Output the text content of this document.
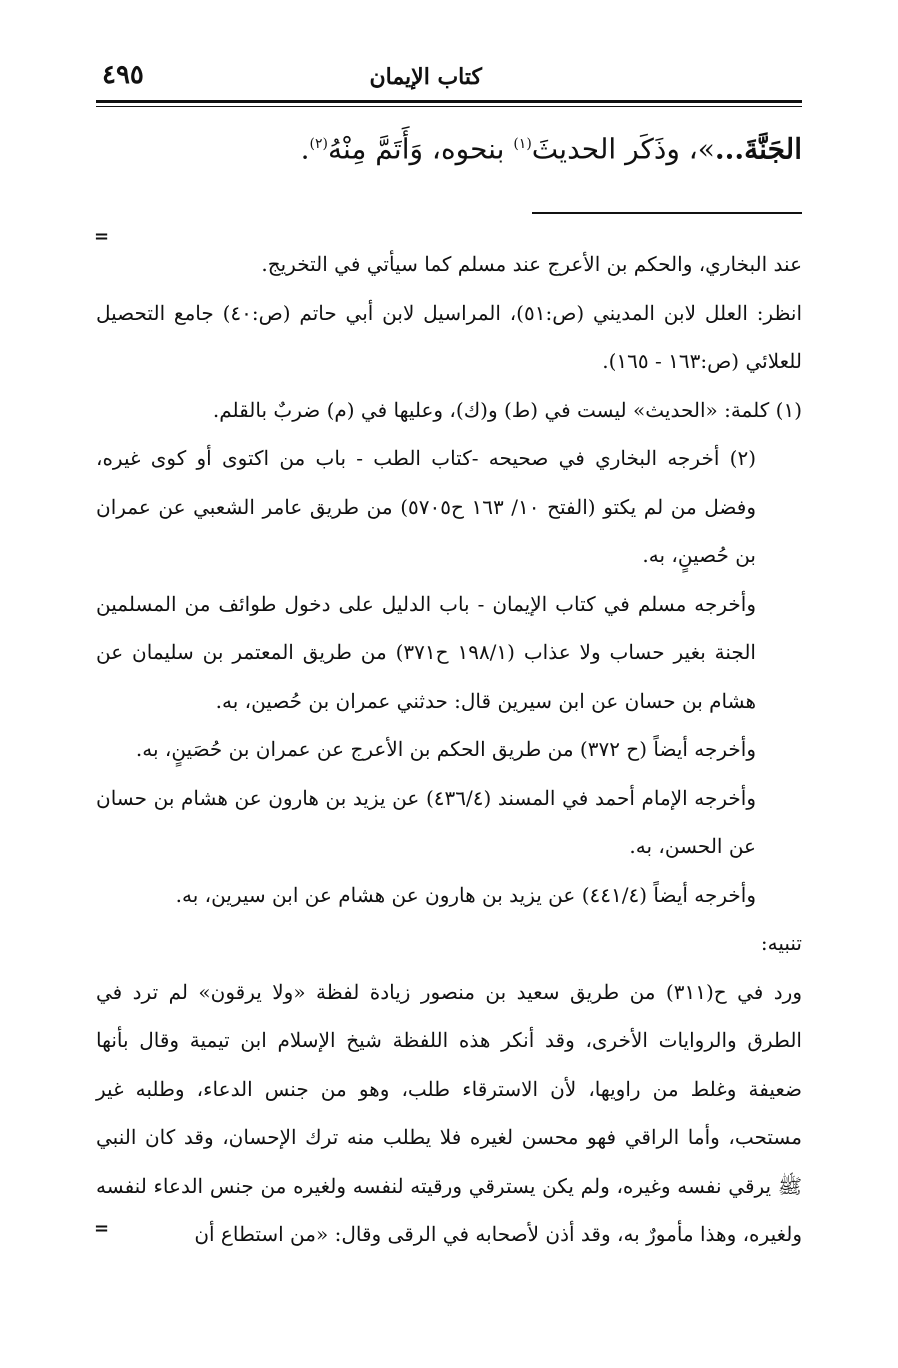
كتاب الإيمان
٤٩٥
الجَنَّةَ...»، وذَكَر الحديثَ$^{(١)}$ بنحوه، وَأَتَمَّ مِنْهُ$^{(٢)}$.
=

عند البخاري، والحكم بن الأعرج عند مسلم كما سيأتي في التخريج.

انظر: العلل لابن المديني (ص:٥١)، المراسيل لابن أبي حاتم (ص:٤٠) جامع التحصيل للعلائي (ص:١٦٣ - ١٦٥).

(١) كلمة: «الحديث» ليست في (ط) و(ك)، وعليها في (م) ضربٌ بالقلم.

(٢) أخرجه البخاري في صحيحه -كتاب الطب - باب من اكتوى أو كوى غيره، وفضل من لم يكتو (الفتح ١٠/ ١٦٣ ح٥٧٠٥) من طريق عامر الشعبي عن عمران بن حُصينٍ، به.

وأخرجه مسلم في كتاب الإيمان - باب الدليل على دخول طوائف من المسلمين الجنة بغير حساب ولا عذاب (١٩٨/١ ح٣٧١) من طريق المعتمر بن سليمان عن هشام بن حسان عن ابن سيرين قال: حدثني عمران بن حُصين، به.

وأخرجه أيضاً (ح ٣٧٢) من طريق الحكم بن الأعرج عن عمران بن حُصَينٍ، به.

وأخرجه الإمام أحمد في المسند (٤٣٦/٤) عن يزيد بن هارون عن هشام بن حسان عن الحسن، به.

وأخرجه أيضاً (٤٤١/٤) عن يزيد بن هارون عن هشام عن ابن سيرين، به.

تنبيه:

ورد في ح(٣١١) من طريق سعيد بن منصور زيادة لفظة «ولا يرقون» لم ترد في الطرق والروايات الأخرى، وقد أنكر هذه اللفظة شيخ الإسلام ابن تيمية وقال بأنها ضعيفة وغلط من راويها، لأن الاسترقاء طلب، وهو من جنس الدعاء، وطلبه غير مستحب، وأما الراقي فهو محسن لغيره فلا يطلب منه ترك الإحسان، وقد كان النبي ﷺ يرقي نفسه وغيره، ولم يكن يسترقي ورقيته لنفسه ولغيره من جنس الدعاء لنفسه ولغيره، وهذا مأمورٌ به، وقد أذن لأصحابه في الرقى وقال: «من استطاع أن

=
